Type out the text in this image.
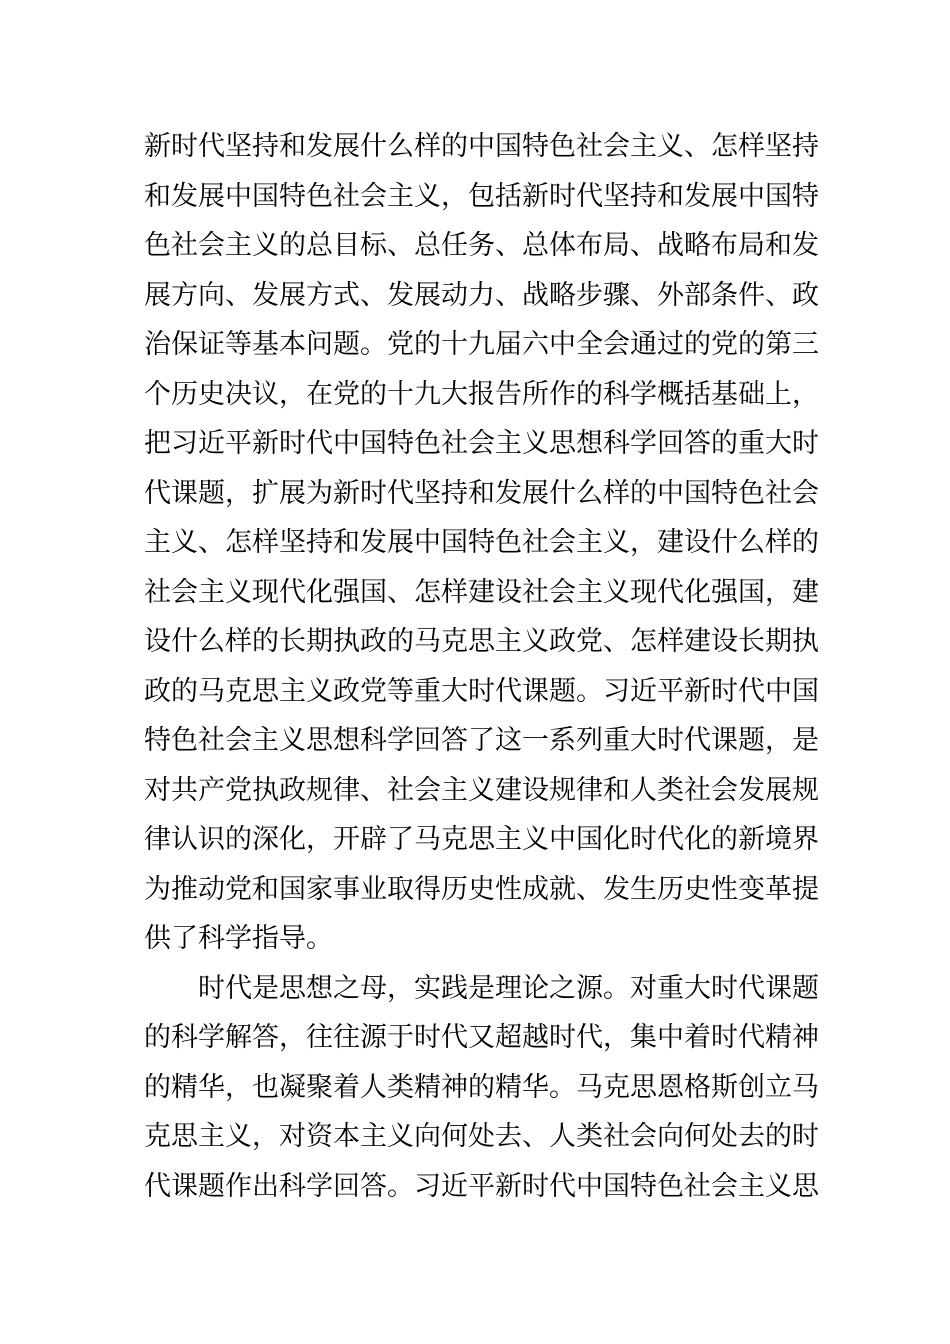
新时代坚持和发展什么样的中国特色社会主义、怎样坚持
和发展中国特色社会主义，包括新时代坚持和发展中国特
色社会主义的总目标、总任务、总体布局、战略布局和发
展方向、发展方式、发展动力、战略步骤、外部条件、政
治保证等基本问题。党的十九届六中全会通过的党的第三
个历史决议，在党的十九大报告所作的科学概括基础上，
把习近平新时代中国特色社会主义思想科学回答的重大时
代课题，扩展为新时代坚持和发展什么样的中国特色社会
主义、怎样坚持和发展中国特色社会主义，建设什么样的
社会主义现代化强国、怎样建设社会主义现代化强国，建
设什么样的长期执政的马克思主义政党、怎样建设长期执
政的马克思主义政党等重大时代课题。习近平新时代中国
特色社会主义思想科学回答了这一系列重大时代课题，是
对共产党执政规律、社会主义建设规律和人类社会发展规
律认识的深化，开辟了马克思主义中国化时代化的新境界
为推动党和国家事业取得历史性成就、发生历史性变革提
供了科学指导。
时代是思想之母，实践是理论之源。对重大时代课题
的科学解答，往往源于时代又超越时代，集中着时代精神
的精华，也凝聚着人类精神的精华。马克思恩格斯创立马
克思主义，对资本主义向何处去、人类社会向何处去的时
代课题作出科学回答。习近平新时代中国特色社会主义思
